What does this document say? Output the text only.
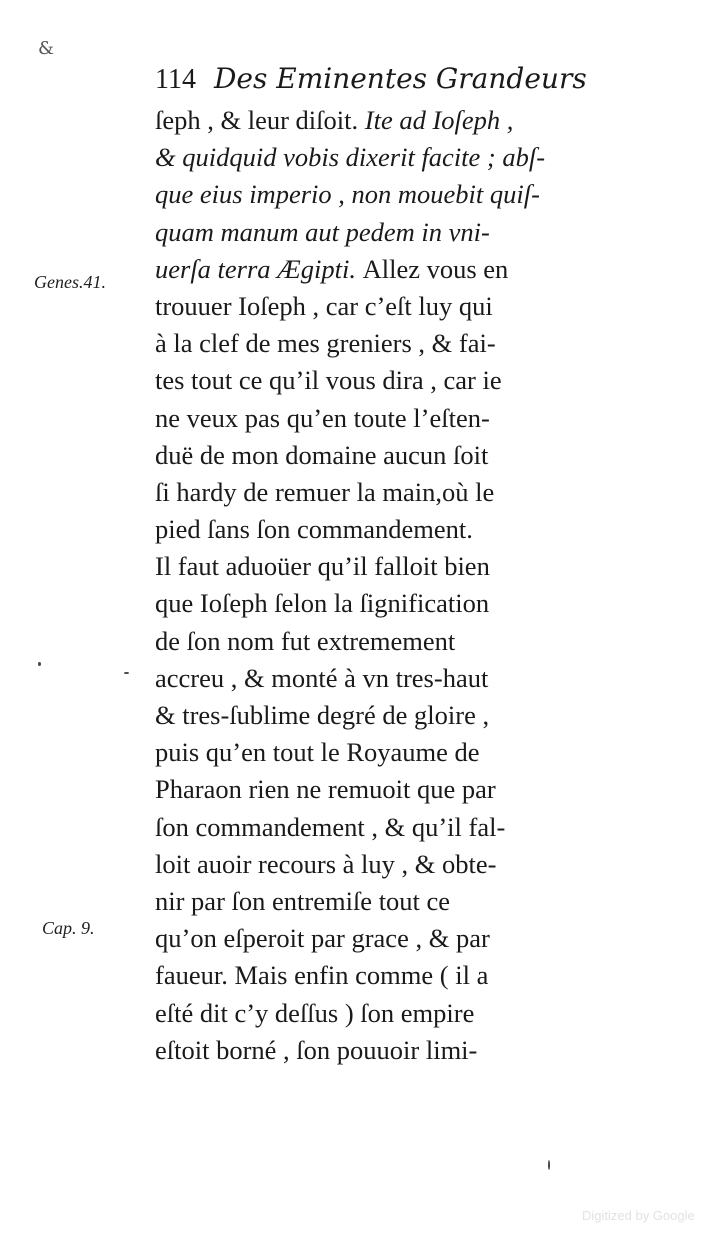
&
114 Des Eminentes Grandeurs
Genes.41.
Cap. 9.
ſeph , & leur diſoit. Ite ad Ioſeph ,
& quidquid vobis dixerit facite ; abſ-
que eius imperio , non mouebit quiſ-
quam manum aut pedem in vni-
uerſa terra Ægipti. Allez vous en
trouuer Ioſeph , car c’eſt luy qui
à la clef de mes greniers , & fai-
tes tout ce qu’il vous dira , car ie
ne veux pas qu’en toute l’eſten-
duë de mon domaine aucun ſoit
ſi hardy de remuer la main,où le
pied ſans ſon commandement.
Il faut aduoüer qu’il falloit bien
que Ioſeph ſelon la ſignification
de ſon nom fut extremement
accreu , & monté à vn tres-haut
& tres-ſublime degré de gloire ,
puis qu’en tout le Royaume de
Pharaon rien ne remuoit que par
ſon commandement , & qu’il fal-
loit auoir recours à luy , & obte-
nir par ſon entremiſe tout ce
qu’on eſperoit par grace , & par
faueur. Mais enfin comme ( il a
eſté dit c’y deſſus ) ſon empire
eſtoit borné , ſon pouuoir limi-
Digitized by Google
